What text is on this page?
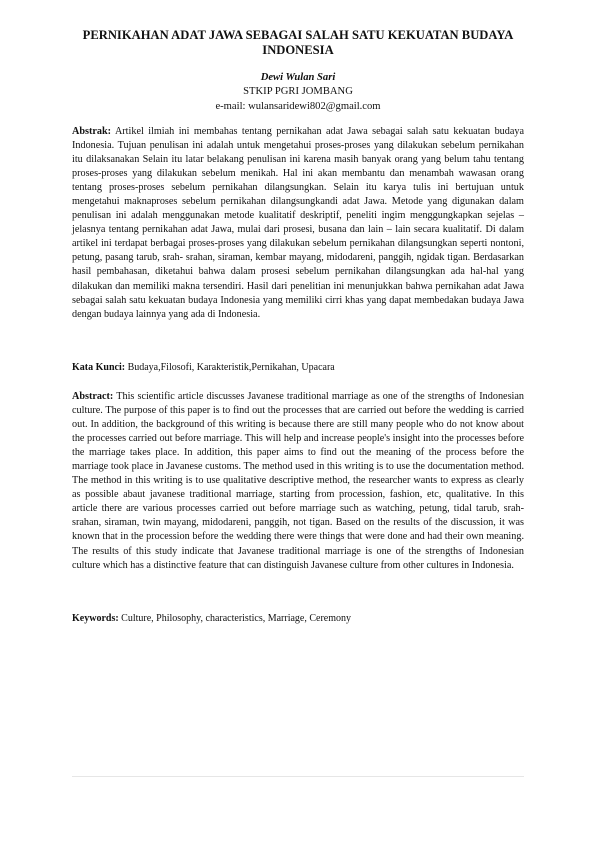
PERNIKAHAN ADAT JAWA SEBAGAI SALAH SATU KEKUATAN BUDAYA INDONESIA
Dewi Wulan Sari
STKIP PGRI JOMBANG
e-mail: wulansaridewi802@gmail.com

Abstrak: Artikel ilmiah ini membahas tentang pernikahan adat Jawa sebagai salah satu kekuatan budaya Indonesia. Tujuan penulisan ini adalah untuk mengetahui proses-proses yang dilakukan sebelum pernikahan itu dilaksanakan Selain itu latar belakang penulisan ini karena masih banyak orang yang belum tahu tentang proses-proses yang dilakukan sebelum menikah. Hal ini akan membantu dan menambah wawasan orang tentang proses-proses sebelum pernikahan dilangsungkan. Selain itu karya tulis ini bertujuan untuk mengetahui maknaproses sebelum pernikahan dilangsungkandi adat Jawa. Metode yang digunakan dalam penulisan ini adalah menggunakan metode kualitatif deskriptif, peneliti ingim menggungkapkan sejelas – jelasnya tentang pernikahan adat Jawa, mulai dari prosesi, busana dan lain – lain secara kualitatif. Di dalam artikel ini terdapat berbagai proses-proses yang dilakukan sebelum pernikahan dilangsungkan seperti nontoni, petung, pasang tarub, srah- srahan, siraman, kembar mayang, midodareni, panggih, ngidak tigan. Berdasarkan hasil pembahasan, diketahui bahwa dalam prosesi sebelum pernikahan dilangsungkan ada hal-hal yang dilakukan dan memiliki makna tersendiri. Hasil dari penelitian ini menunjukkan bahwa pernikahan adat Jawa sebagai salah satu kekuatan budaya Indonesia yang memiliki cirri khas yang dapat membedakan budaya Jawa dengan budaya lainnya yang ada di Indonesia.

Kata Kunci: Budaya,Filosofi, Karakteristik,Pernikahan, Upacara

Abstract: This scientific article discusses Javanese traditional marriage as one of the strengths of Indonesian culture. The purpose of this paper is to find out the processes that are carried out before the wedding is carried out. In addition, the background of this writing is because there are still many people who do not know about the processes carried out before marriage. This will help and increase people's insight into the processes before the marriage takes place. In addition, this paper aims to find out the meaning of the process before the marriage took place in Javanese customs. The method used in this writing is to use the documentation method. The method in this writing is to use qualitative descriptive method, the researcher wants to express as clearly as possible abaut javanese traditional marriage, starting from procession, fashion, etc, qualitative. In this article there are various processes carried out before marriage such as watching, petung, tidal tarub, srah-srahan, siraman, twin mayang, midodareni, panggih, not tigan. Based on the results of the discussion, it was known that in the procession before the wedding there were things that were done and had their own meaning. The results of this study indicate that Javanese traditional marriage is one of the strengths of Indonesian culture which has a distinctive feature that can distinguish Javanese culture from other cultures in Indonesia.

Keywords: Culture, Philosophy, characteristics, Marriage, Ceremony
